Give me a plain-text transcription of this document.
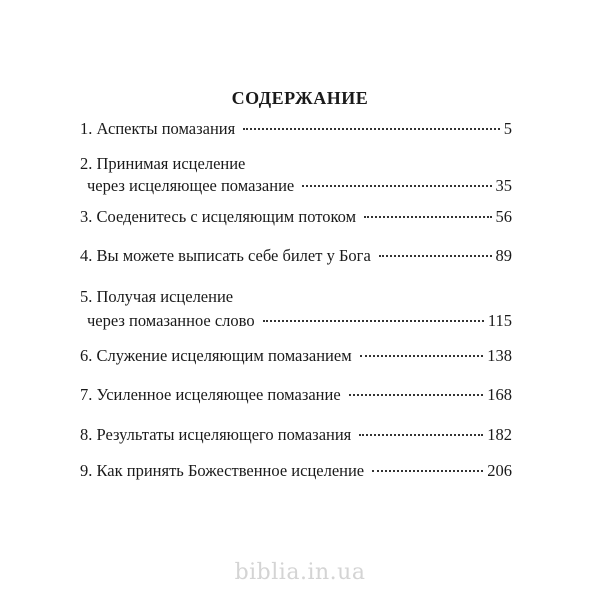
СОДЕРЖАНИЕ
1.
Аспекты помазания	5
2.
Принимая исцеление
через исцеляющее помазание	35
3.
Соеденитесь с исцеляющим потоком	56
4.
Вы можете выписать себе билет у Бога	89
5.
Получая исцеление
через помазанное слово	115
6.
Служение исцеляющим помазанием	138
7.
Усиленное исцеляющее помазание	168
8.
Результаты исцеляющего помазания	182
9.
Как принять Божественное исцеление	206
biblia.in.ua
